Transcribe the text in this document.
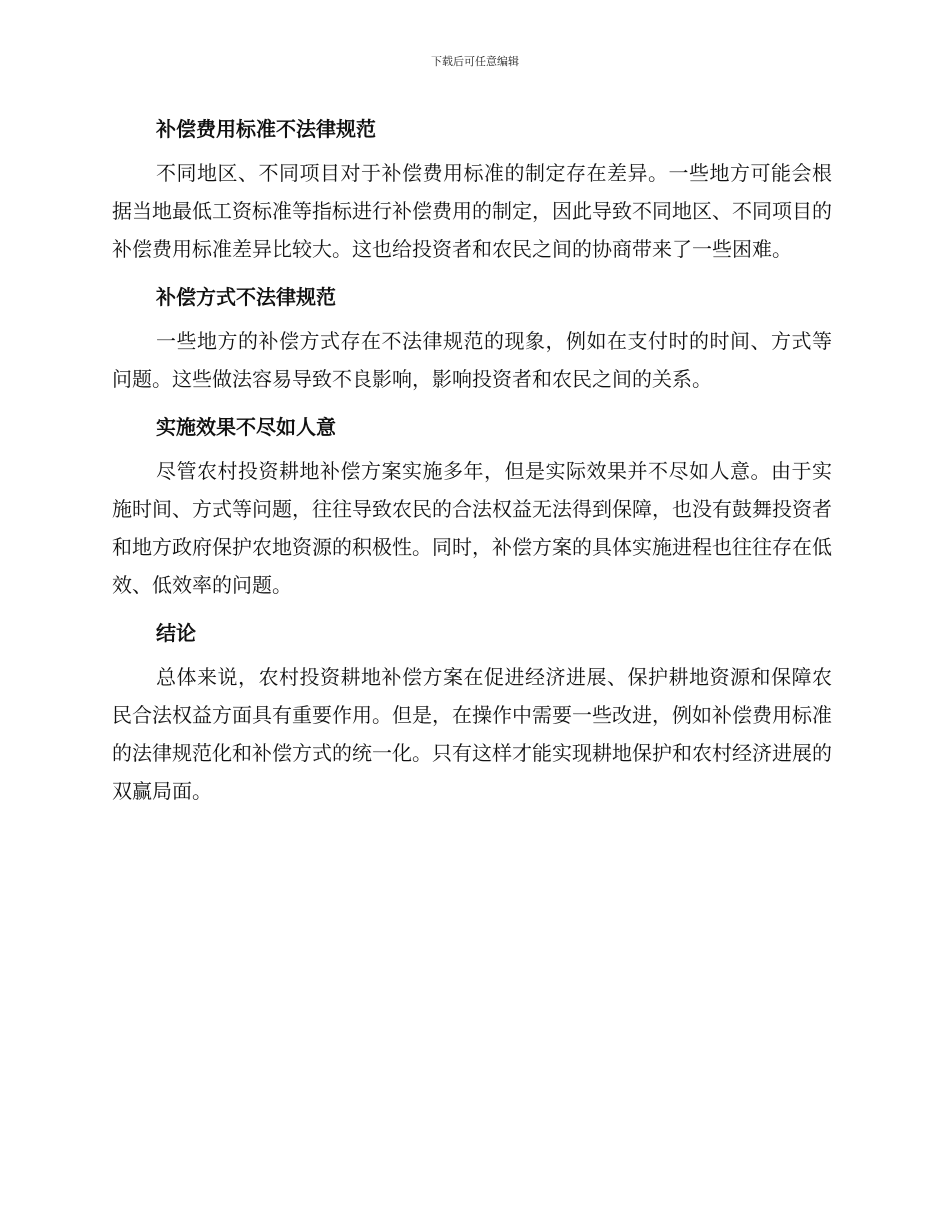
下载后可任意编辑
补偿费用标准不法律规范

不同地区、不同项目对于补偿费用标准的制定存在差异。一些地方可能会根据当地最低工资标准等指标进行补偿费用的制定，因此导致不同地区、不同项目的补偿费用标准差异比较大。这也给投资者和农民之间的协商带来了一些困难。

补偿方式不法律规范

一些地方的补偿方式存在不法律规范的现象，例如在支付时的时间、方式等问题。这些做法容易导致不良影响，影响投资者和农民之间的关系。

实施效果不尽如人意

尽管农村投资耕地补偿方案实施多年，但是实际效果并不尽如人意。由于实施时间、方式等问题，往往导致农民的合法权益无法得到保障，也没有鼓舞投资者和地方政府保护农地资源的积极性。同时，补偿方案的具体实施进程也往往存在低效、低效率的问题。

结论

总体来说，农村投资耕地补偿方案在促进经济进展、保护耕地资源和保障农民合法权益方面具有重要作用。但是，在操作中需要一些改进，例如补偿费用标准的法律规范化和补偿方式的统一化。只有这样才能实现耕地保护和农村经济进展的双赢局面。
